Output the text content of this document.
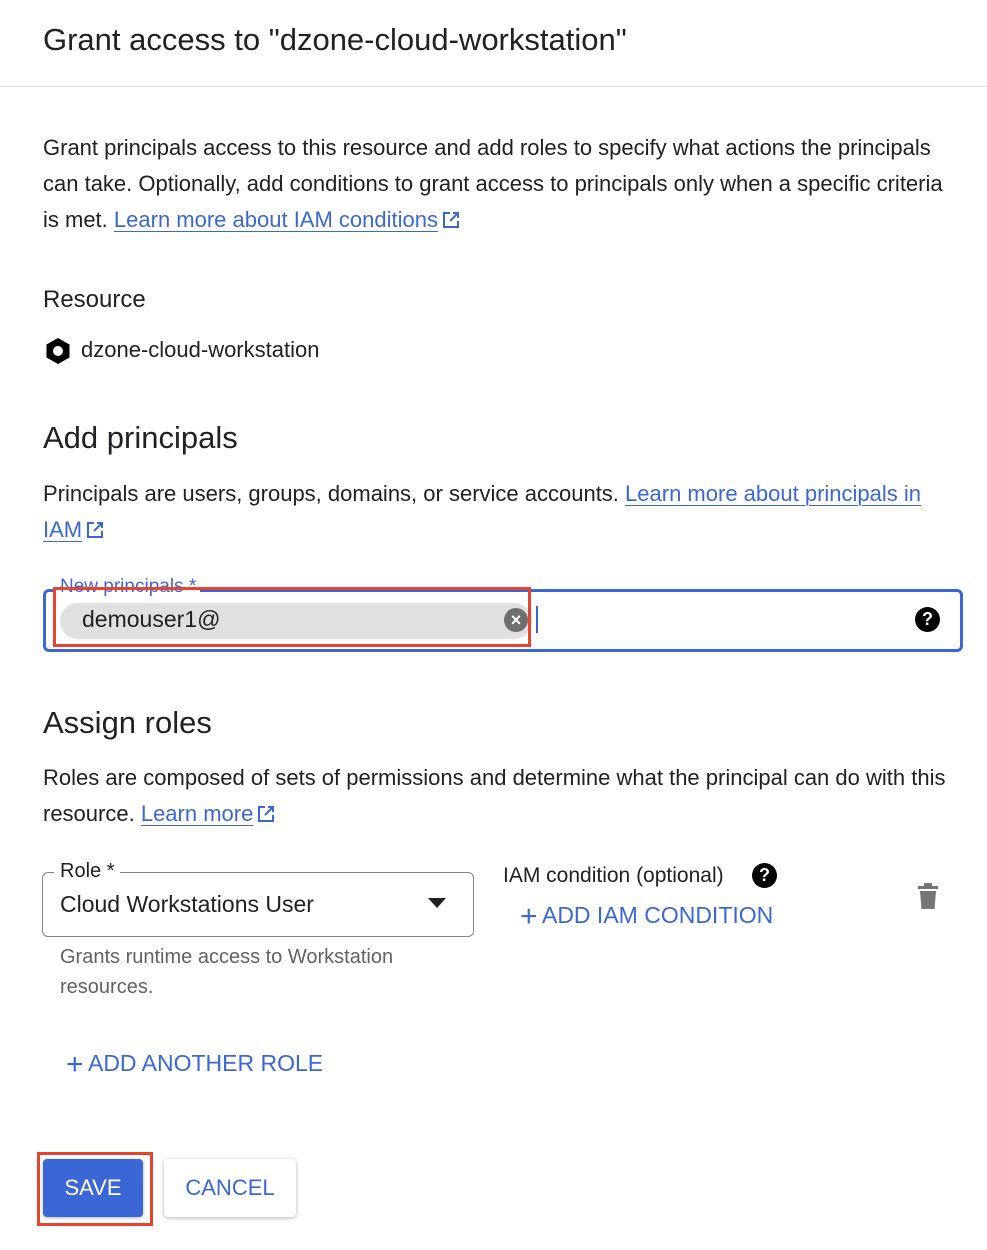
Grant access to "dzone-cloud-workstation"
Grant principals access to this resource and add roles to specify what actions the principals can take. Optionally, add conditions to grant access to principals only when a specific criteria is met. Learn more about IAM conditions
Resource
dzone-cloud-workstation
Add principals
Principals are users, groups, domains, or service accounts. Learn more about principals in IAM
New principals *
demouser1@	×	?
Assign roles
Roles are composed of sets of permissions and determine what the principal can do with this resource. Learn more
Role *
Cloud Workstations User
Grants runtime access to Workstation resources.
IAM condition (optional)	?
+ ADD IAM CONDITION
+ ADD ANOTHER ROLE
SAVE	CANCEL
